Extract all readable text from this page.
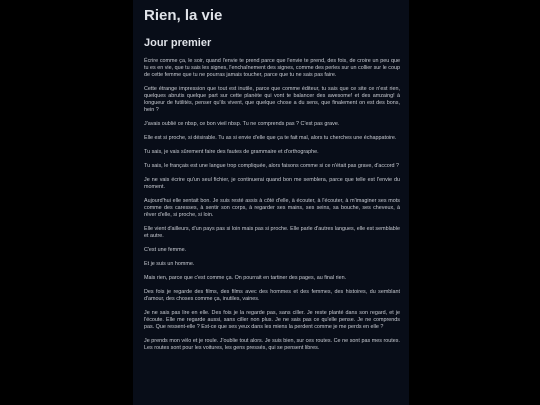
Rien, la vie
Jour premier

Écrire comme ça, le soir, quand l'envie te prend parce que l'envie te prend, des fois, de croire un peu que tu es en vie, que tu sais les signes, l'enchaînement des signes, comme des perles sur un collier sur le coup de cette femme que tu ne pourras jamais toucher, parce que tu ne sais pas faire.

Cette étrange impression que tout est inutile, parce que comme éditeur, tu sais que ce site ce n'est rien, quelques abrutis quelque part sur cette planète qui vont te balancer des awesome! et des amzaing! à longueur de futilités, penser qu'ils vivent, que quelque chose a du sens, que finalement on est des bons, hein ?

J'avais oublié ce nbsp, ce bon vieil nbsp. Tu ne comprends pas ? C'est pas grave.

Elle est si proche, si désirable. Tu as si envie d'elle que ça te fait mal, alors tu cherches une échappatoire.

Tu sais, je vais sûrement faire des fautes de grammaire et d'orthographe.

Tu sais, le français est une langue trop compliquée, alors faisons comme si ce n'était pas grave, d'accord ?

Je ne vais écrire qu'un seul fichier, je continuerai quand bon me semblera, parce que telle est l'envie du moment.

Aujourd'hui elle sentait bon. Je suis resté assis à côté d'elle, à écouter, à l'écouter, à m'imaginer ses mots comme des caresses, à sentir son corps, à regarder ses mains, ses seins, sa bouche, ses cheveux, à rêver d'elle, si proche, si loin.

Elle vient d'ailleurs, d'un pays pas si loin mais pas si proche. Elle parle d'autres langues, elle est semblable et autre.

C'est une femme.

Et je suis un homme.

Mais rien, parce que c'est comme ça. On pourrait en tartiner des pages, au final rien.

Des fois je regarde des films, des films avec des hommes et des femmes, des histoires, du semblant d'amour, des choses comme ça, inutiles, vaines.

Je ne sais pas lire en elle. Des fois je la regarde pas, sans ciller. Je reste planté dans son regard, et je l'écoute. Elle me regarde aussi, sans ciller non plus. Je ne sais pas ce qu'elle pense. Je ne comprends pas. Que ressent-elle ? Est-ce que ses yeux dans les miens la perdent comme je me perds en elle ?

Je prends mon vélo et je roule. J'oublie tout alors. Je suis bien, sur ces routes. Ce ne sont pas mes routes. Les routes sont pour les voitures, les gens pressés, qui se pensent libres.
